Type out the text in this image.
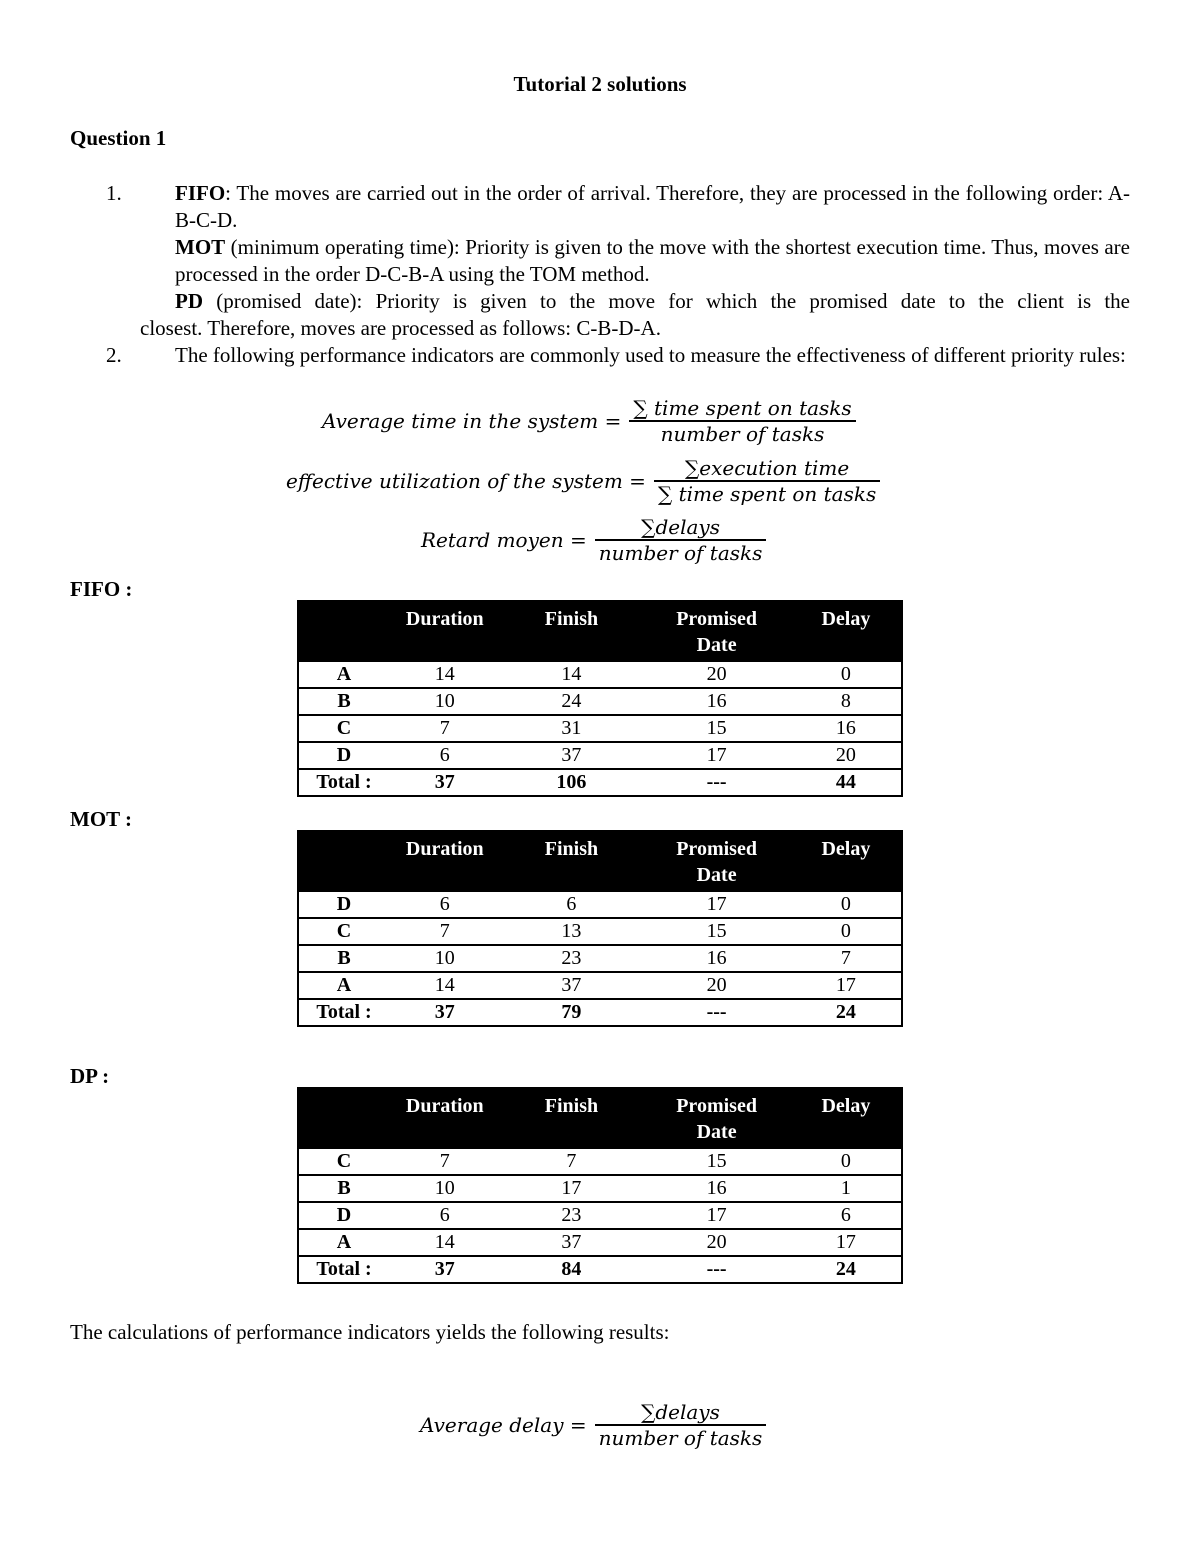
Tutorial 2 solutions
Question 1
1.	FIFO: The moves are carried out in the order of arrival. Therefore, they are processed in the following order: A-B-C-D.
MOT (minimum operating time): Priority is given to the move with the shortest execution time. Thus, moves are processed in the order D-C-B-A using the TOM method.
PD (promised date): Priority is given to the move for which the promised date to the client is the
closest. Therefore, moves are processed as follows: C-B-D-A.
2.	The following performance indicators are commonly used to measure the effectiveness of different priority rules:
Average time in the system = $\frac{\text{∑ time spent on tasks}}{\text{number of tasks}}$
effective utilization of the system = $\frac{\text{∑execution time}}{\text{∑ time spent on tasks}}$
Retard moyen = $\frac{\text{∑delays}}{\text{number of tasks}}$
FIFO :
	Duration	Finish	Promised
Date	Delay
A	14	14	20	0
B	10	24	16	8
C	7	31	15	16
D	6	37	17	20
Total :	37	106	---	44
MOT :
	Duration	Finish	Promised
Date	Delay
D	6	6	17	0
C	7	13	15	0
B	10	23	16	7
A	14	37	20	17
Total :	37	79	---	24
DP :
	Duration	Finish	Promised
Date	Delay
C	7	7	15	0
B	10	17	16	1
D	6	23	17	6
A	14	37	20	17
Total :	37	84	---	24
The calculations of performance indicators yields the following results:
Average delay = $\frac{\text{∑delays}}{\text{number of tasks}}$
